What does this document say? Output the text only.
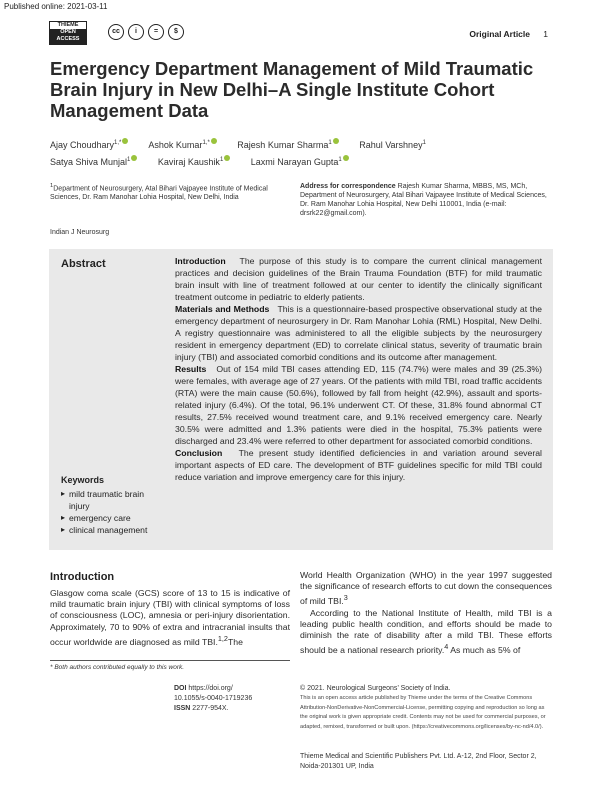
Published online: 2021-03-11
THIEME
OPEN ACCESS
cc	i	=	$	Original Article 1
Emergency Department Management of Mild Traumatic Brain Injury in New Delhi–A Single Institute Cohort Management Data
Ajay Choudhary$^{1,*}$	Ashok Kumar$^{1,*}$	Rajesh Kumar Sharma$^1$	Rahul Varshney$^1$
Satya Shiva Munjal$^1$	Kaviraj Kaushik$^1$	Laxmi Narayan Gupta$^1$
$^1$Department of Neurosurgery, Atal Bihari Vajpayee Institute of Medical Sciences, Dr. Ram Manohar Lohia Hospital, New Delhi, India
Address for correspondence Rajesh Kumar Sharma, MBBS, MS, MCh, Department of Neurosurgery, Atal Bihari Vajpayee Institute of Medical Sciences, Dr. Ram Manohar Lohia Hospital, New Delhi 110001, India (e-mail: drsrk22@gmail.com).
Indian J Neurosurg
Abstract	Introduction The purpose of this study is to compare the current clinical management practices and decision guidelines of the Brain Trauma Foundation (BTF) for mild traumatic brain insult with line of treatment followed at our center to identify the clinically significant treatment outcome in pediatric to elderly patients.

Materials and Methods This is a questionnaire-based prospective observational study at the emergency department of neurosurgery in Dr. Ram Manohar Lohia (RML) Hospital, New Delhi. A registry questionnaire was administered to all the eligible subjects by the neurosurgery resident in emergency department (ED) to correlate clinical status, severity of traumatic brain injury (TBI) and associated comorbid conditions and its outcome after management.

Results Out of 154 mild TBI cases attending ED, 115 (74.7%) were males and 39 (25.3%) were females, with average age of 27 years. Of the patients with mild TBI, road traffic accidents (RTA) were the main cause (50.6%), followed by fall from height (42.9%), assault and sports-related injury (6.4%). Of the total, 96.1% underwent CT. Of these, 31.8% found abnormal CT results, 27.5% received wound treatment care, and 9.1% received emergency care. Nearly 30.5% were admitted and 1.3% patients were died in the hospital, 75.3% patients were discharged and 23.4% were referred to other department for associated comorbid conditions.

Conclusion The present study identified deficiencies in and variation around several important aspects of ED care. The development of BTF guidelines specific for mild TBI could reduce variation and improve emergency care for this injury.

Keywords
▸ mild traumatic brain injury
▸ emergency care
▸ clinical management
Introduction

Glasgow coma scale (GCS) score of 13 to 15 is indicative of mild traumatic brain injury (TBI) with clinical symptoms of loss of consciousness (LOC), amnesia or peri-injury disorientation. Approximately, 70 to 90% of extra and intracranial insults that occur worldwide are diagnosed as mild TBI.$^{1,2}$The

World Health Organization (WHO) in the year 1997 suggested the significance of research efforts to cut down the consequences of mild TBI.$^3$

According to the National Institute of Health, mild TBI is a leading public health condition, and efforts should be made to diminish the rate of disability after a mild TBI. These efforts should be a national research priority.$^4$ As much as 5% of

* Both authors contributed equally to this work.
DOI https://doi.org/
10.1055/s-0040-1719236
ISSN 2277-954X.
© 2021. Neurological Surgeons’ Society of India.
This is an open access article published by Thieme under the terms of the Creative Commons Attribution-NonDerivative-NonCommercial-License, permitting copying and reproduction so long as the original work is given appropriate credit. Contents may not be used for commercial purposes, or adapted, remixed, transformed or built upon. (https://creativecommons.org/licenses/by-nc-nd/4.0/).
Thieme Medical and Scientific Publishers Pvt. Ltd. A-12, 2nd Floor, Sector 2, Noida-201301 UP, India
